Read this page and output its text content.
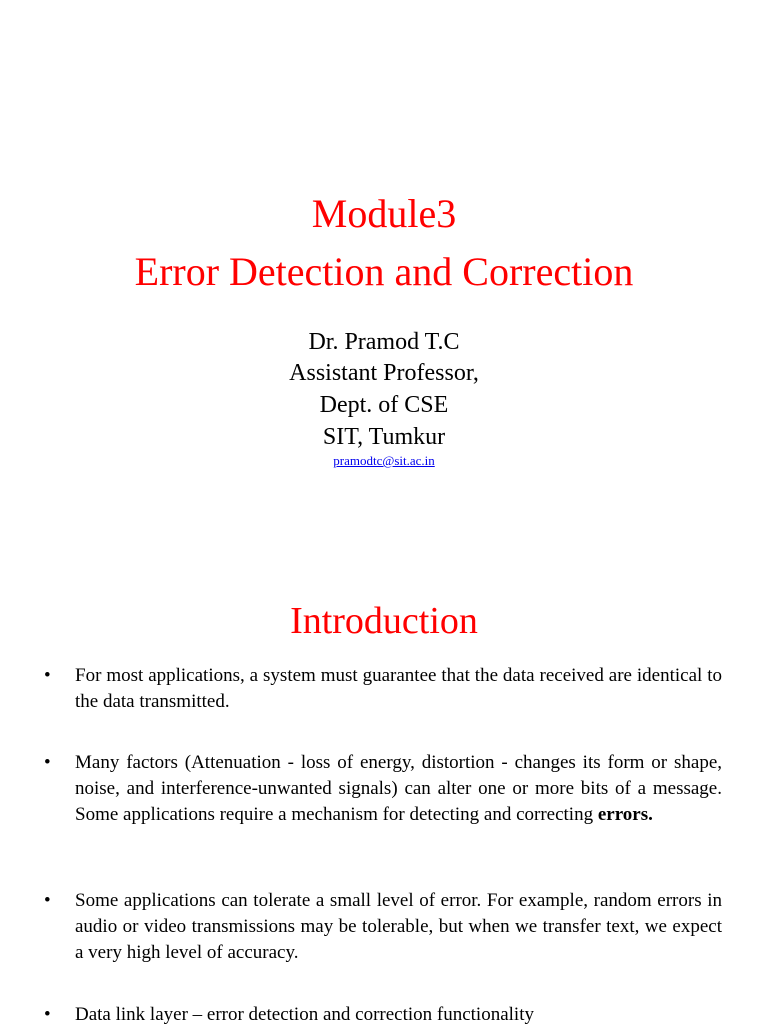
Module3
Error Detection and Correction
Dr. Pramod T.C
Assistant Professor,
Dept. of CSE
SIT, Tumkur
pramodtc@sit.ac.in
Introduction
• For most applications, a system must guarantee that the data received are identical to the data transmitted.
• Many factors (Attenuation - loss of energy, distortion - changes its form or shape, noise, and interference-unwanted signals) can alter one or more bits of a message. Some applications require a mechanism for detecting and correcting errors.
• Some applications can tolerate a small level of error. For example, random errors in audio or video transmissions may be tolerable, but when we transfer text, we expect a very high level of accuracy.
• Data link layer – error detection and correction functionality
